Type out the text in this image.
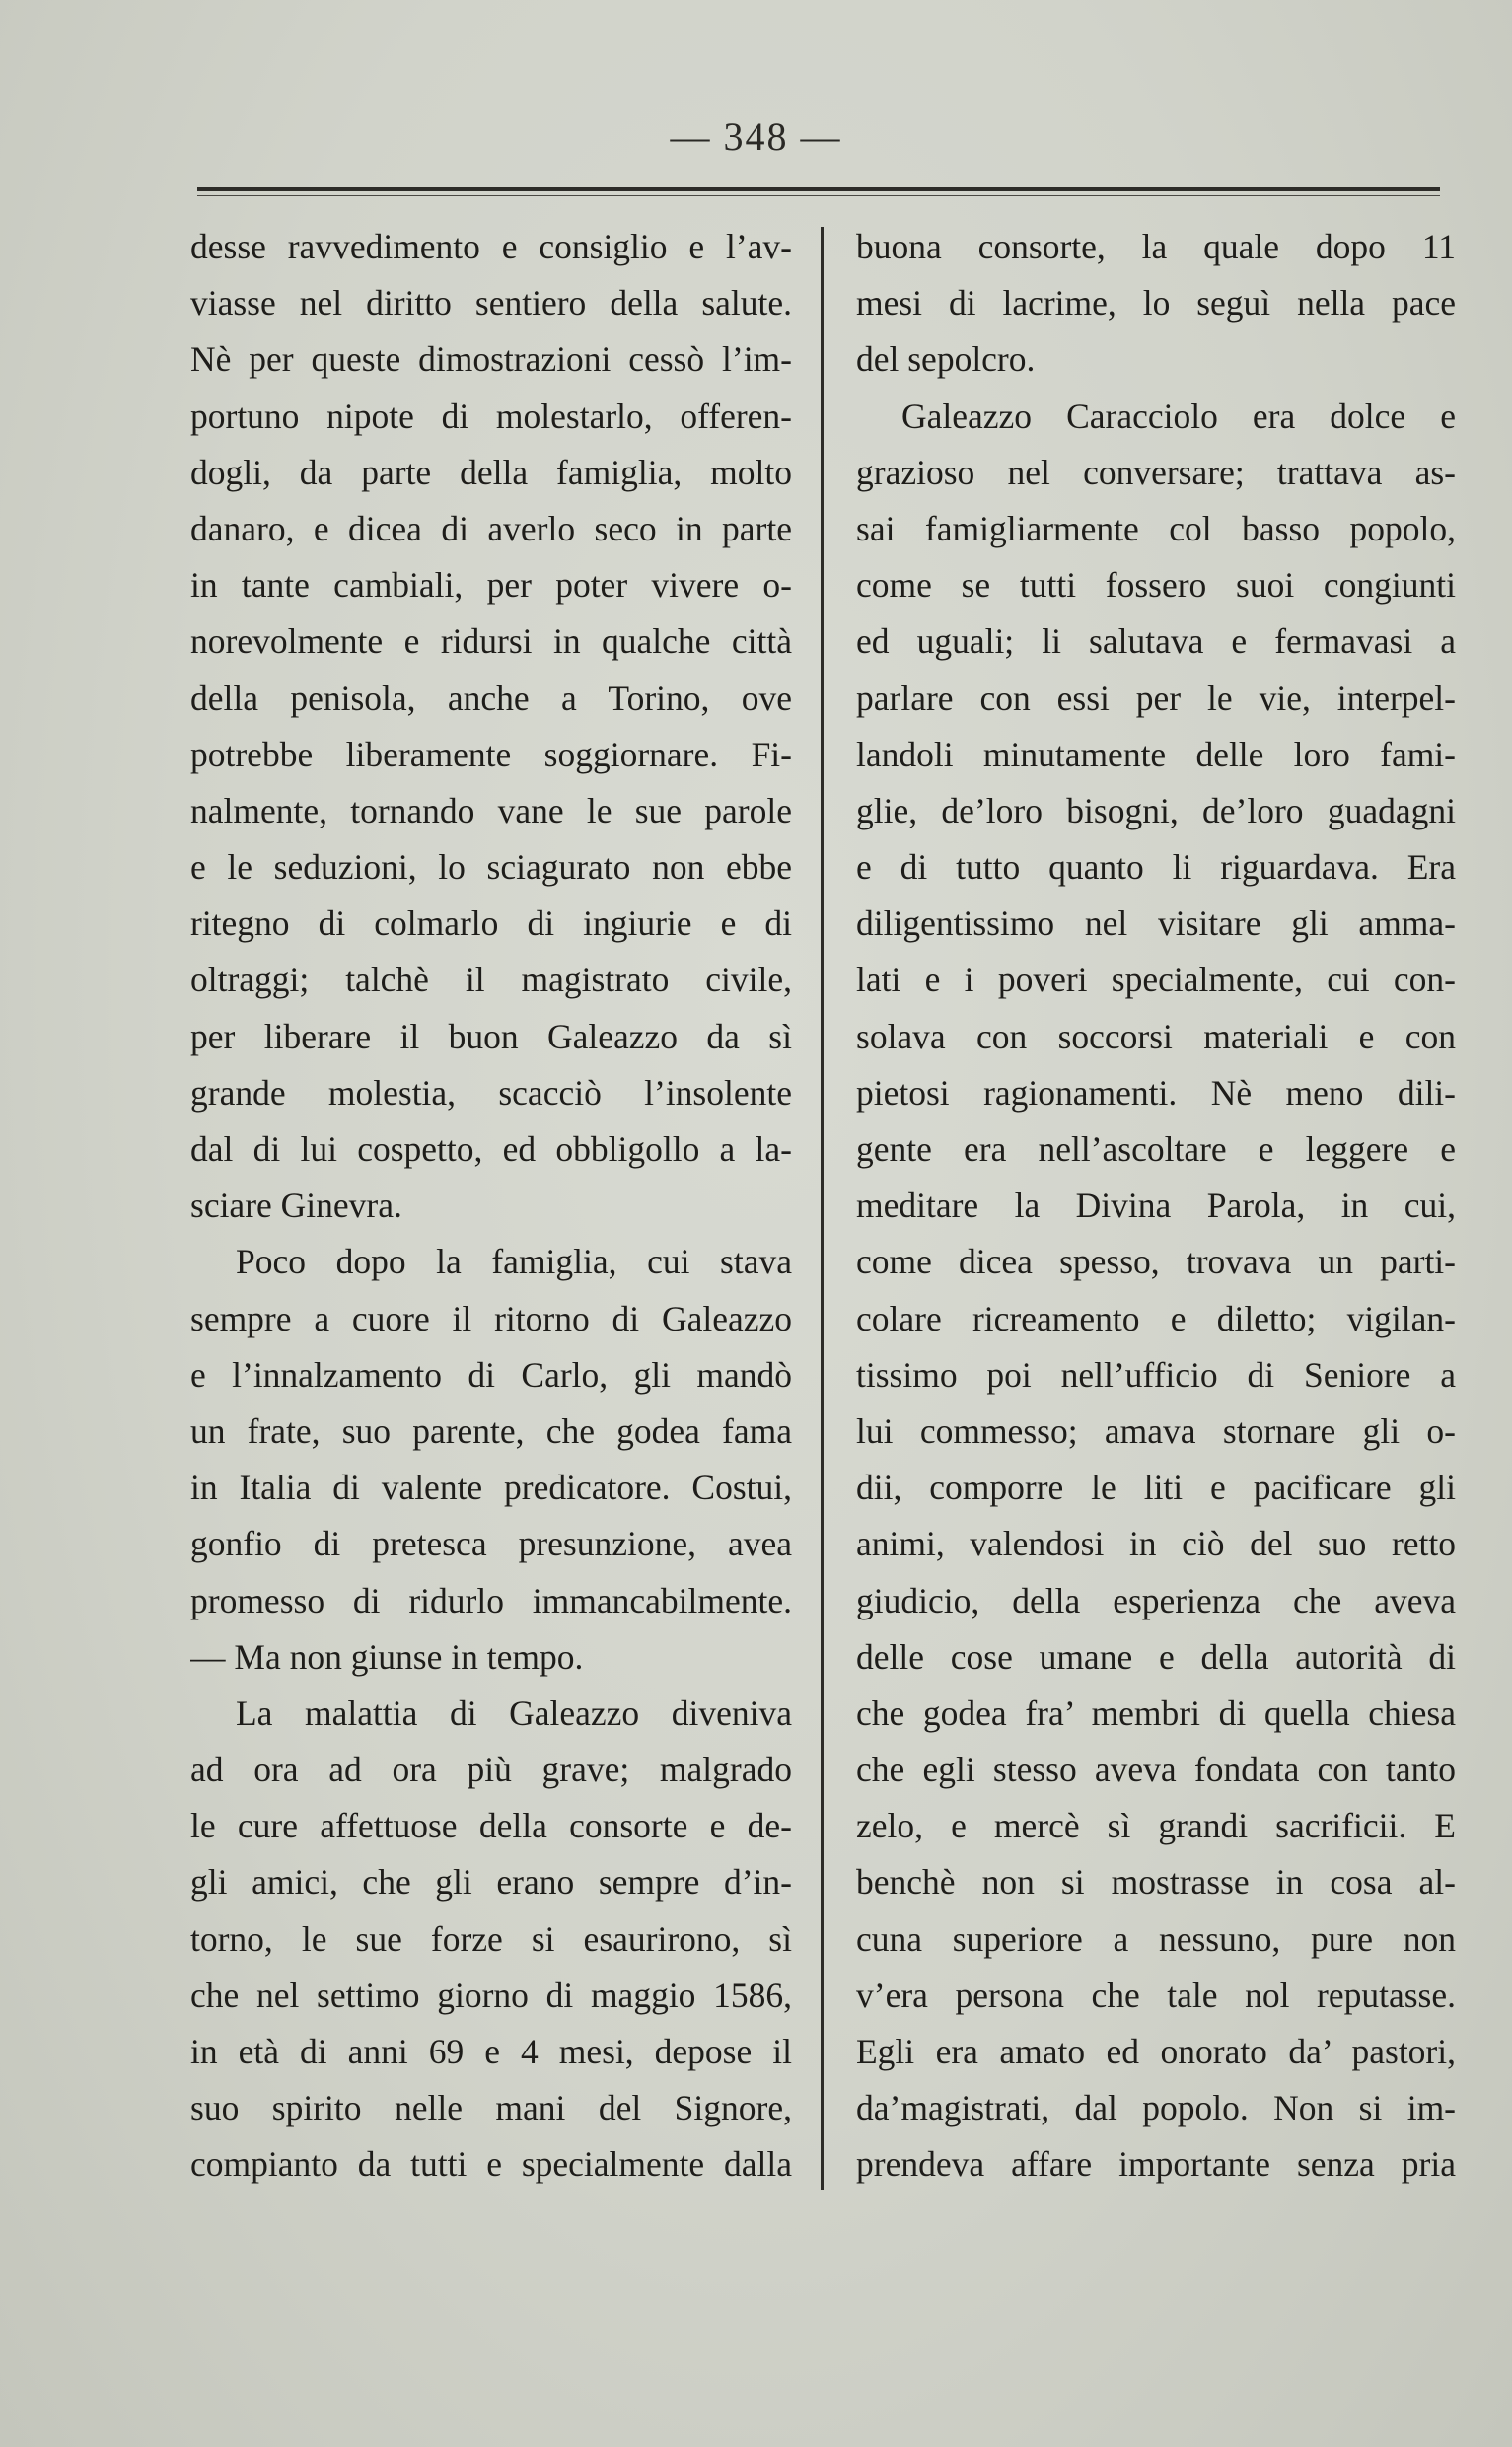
— 348 —
desse ravvedimento e consiglio e l’av-
viasse nel diritto sentiero della salute.
Nè per queste dimostrazioni cessò l’im-
portuno nipote di molestarlo, offeren-
dogli, da parte della famiglia, molto
danaro, e dicea di averlo seco in parte
in tante cambiali, per poter vivere o-
norevolmente e ridursi in qualche città
della penisola, anche a Torino, ove
potrebbe liberamente soggiornare. Fi-
nalmente, tornando vane le sue parole
e le seduzioni, lo sciagurato non ebbe
ritegno di colmarlo di ingiurie e di
oltraggi; talchè il magistrato civile,
per liberare il buon Galeazzo da sì
grande molestia, scacciò l’insolente
dal di lui cospetto, ed obbligollo a la-
sciare Ginevra.
Poco dopo la famiglia, cui stava
sempre a cuore il ritorno di Galeazzo
e l’innalzamento di Carlo, gli mandò
un frate, suo parente, che godea fama
in Italia di valente predicatore. Costui,
gonfio di pretesca presunzione, avea
promesso di ridurlo immancabilmente.
— Ma non giunse in tempo.
La malattia di Galeazzo diveniva
ad ora ad ora più grave; malgrado
le cure affettuose della consorte e de-
gli amici, che gli erano sempre d’in-
torno, le sue forze si esaurirono, sì
che nel settimo giorno di maggio 1586,
in età di anni 69 e 4 mesi, depose il
suo spirito nelle mani del Signore,
compianto da tutti e specialmente dalla
buona consorte, la quale dopo 11
mesi di lacrime, lo seguì nella pace
del sepolcro.
Galeazzo Caracciolo era dolce e
grazioso nel conversare; trattava as-
sai famigliarmente col basso popolo,
come se tutti fossero suoi congiunti
ed uguali; li salutava e fermavasi a
parlare con essi per le vie, interpel-
landoli minutamente delle loro fami-
glie, de’loro bisogni, de’loro guadagni
e di tutto quanto li riguardava. Era
diligentissimo nel visitare gli amma-
lati e i poveri specialmente, cui con-
solava con soccorsi materiali e con
pietosi ragionamenti. Nè meno dili-
gente era nell’ascoltare e leggere e
meditare la Divina Parola, in cui,
come dicea spesso, trovava un parti-
colare ricreamento e diletto; vigilan-
tissimo poi nell’ufficio di Seniore a
lui commesso; amava stornare gli o-
dii, comporre le liti e pacificare gli
animi, valendosi in ciò del suo retto
giudicio, della esperienza che aveva
delle cose umane e della autorità di
che godea fra’ membri di quella chiesa
che egli stesso aveva fondata con tanto
zelo, e mercè sì grandi sacrificii. E
benchè non si mostrasse in cosa al-
cuna superiore a nessuno, pure non
v’era persona che tale nol reputasse.
Egli era amato ed onorato da’ pastori,
da’magistrati, dal popolo. Non si im-
prendeva affare importante senza pria
